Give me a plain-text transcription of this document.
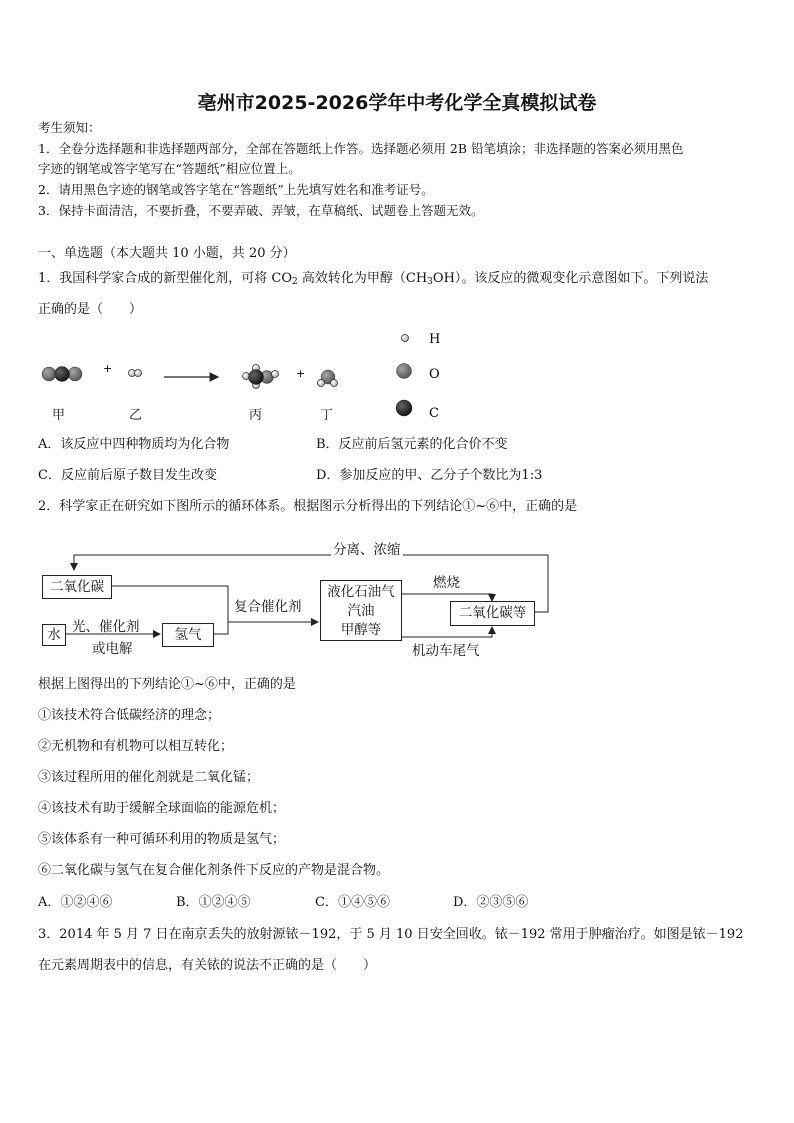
亳州市2025-2026学年中考化学全真模拟试卷
考生须知：
1．全卷分选择题和非选择题两部分，全部在答题纸上作答。选择题必须用 2B 铅笔填涂；非选择题的答案必须用黑色
字迹的钢笔或答字笔写在“答题纸”相应位置上。
2．请用黑色字迹的钢笔或答字笔在“答题纸”上先填写姓名和准考证号。
3．保持卡面清洁，不要折叠，不要弄破、弄皱，在草稿纸、试题卷上答题无效。
一、单选题（本大题共 10 小题，共 20 分）
1．我国科学家合成的新型催化剂，可将 $CO_2$ 高效转化为甲醇$(CH_3OH)$。该反应的微观变化示意图如下。下列说法
正确的是（　　）
+	+
H
O
C
甲	乙	丙	丁
A．该反应中四种物质均为化合物	B．反应前后氢元素的化合价不变
C．反应前后原子数目发生改变	D．参加反应的甲、乙分子个数比为1:3
2．科学家正在研究如下图所示的循环体系。根据图示分析得出的下列结论①~⑥中，正确的是
二氧化碳
水	氢气
液化石油气
汽油
甲醇等
二氧化碳等
光、催化剂
或电解
复合催化剂
燃烧
机动车尾气
分离、浓缩
根据上图得出的下列结论①~⑥中，正确的是
①该技术符合低碳经济的理念；
②无机物和有机物可以相互转化；
③该过程所用的催化剂就是二氧化锰；
④该技术有助于缓解全球面临的能源危机；
⑤该体系有一种可循环利用的物质是氢气；
⑥二氧化碳与氢气在复合催化剂条件下反应的产物是混合物。
A．①②④⑥	B．①②④⑤	C．①④⑤⑥	D．②③⑤⑥
3．2014 年 5 月 7 日在南京丢失的放射源铱－192，于 5 月 10 日安全回收。铱－192 常用于肿瘤治疗。如图是铱－192
在元素周期表中的信息，有关铱的说法不正确的是（　　）
